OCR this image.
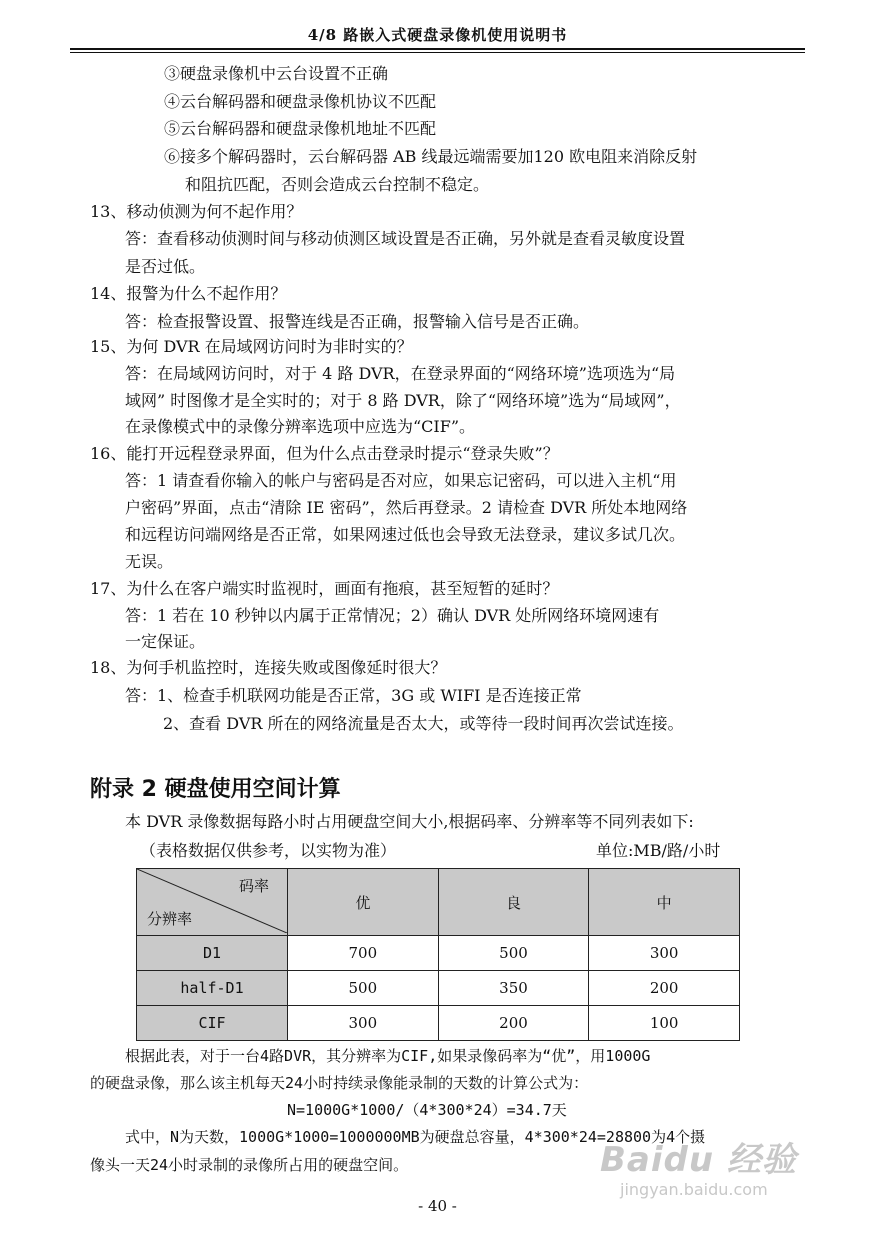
4/8 路嵌入式硬盘录像机使用说明书
③硬盘录像机中云台设置不正确
④云台解码器和硬盘录像机协议不匹配
⑤云台解码器和硬盘录像机地址不匹配
⑥接多个解码器时，云台解码器 AB 线最远端需要加120 欧电阻来消除反射
和阻抗匹配，否则会造成云台控制不稳定。
13、移动侦测为何不起作用？
答：查看移动侦测时间与移动侦测区域设置是否正确，另外就是查看灵敏度设置
是否过低。
14、报警为什么不起作用？
答：检查报警设置、报警连线是否正确，报警输入信号是否正确。
15、为何 DVR 在局域网访问时为非时实的？
答：在局域网访问时，对于 4 路 DVR，在登录界面的“网络环境”选项选为“局
域网” 时图像才是全实时的；对于 8 路 DVR，除了“网络环境”选为“局域网”，
在录像模式中的录像分辨率选项中应选为“CIF”。
16、能打开远程登录界面，但为什么点击登录时提示“登录失败”？
答：1 请查看你输入的帐户与密码是否对应，如果忘记密码，可以进入主机“用
户密码”界面，点击“清除 IE 密码”，然后再登录。2 请检查 DVR 所处本地网络
和远程访问端网络是否正常，如果网速过低也会导致无法登录，建议多试几次。
无误。
17、为什么在客户端实时监视时，画面有拖痕，甚至短暂的延时？
答：1 若在 10 秒钟以内属于正常情况；2）确认 DVR 处所网络环境网速有
一定保证。
18、为何手机监控时，连接失败或图像延时很大？
答：1、检查手机联网功能是否正常，3G 或 WIFI 是否连接正常
2、查看 DVR 所在的网络流量是否太大，或等待一段时间再次尝试连接。
附录 2 硬盘使用空间计算
本 DVR 录像数据每路小时占用硬盘空间大小,根据码率、分辨率等不同列表如下:
（表格数据仅供参考，以实物为准）	单位:MB/路/小时
码率
分辨率	优	良	中
D1	700	500	300
half-D1	500	350	200
CIF	300	200	100
根据此表，对于一台4路DVR，其分辨率为CIF,如果录像码率为“优”，用1000G
的硬盘录像，那么该主机每天24小时持续录像能录制的天数的计算公式为：
N=1000G*1000/（4*300*24）=34.7天
式中，N为天数，1000G*1000=1000000MB为硬盘总容量，4*300*24=28800为4个摄
像头一天24小时录制的录像所占用的硬盘空间。
- 40 -
Baidu 经验
jingyan.baidu.com
